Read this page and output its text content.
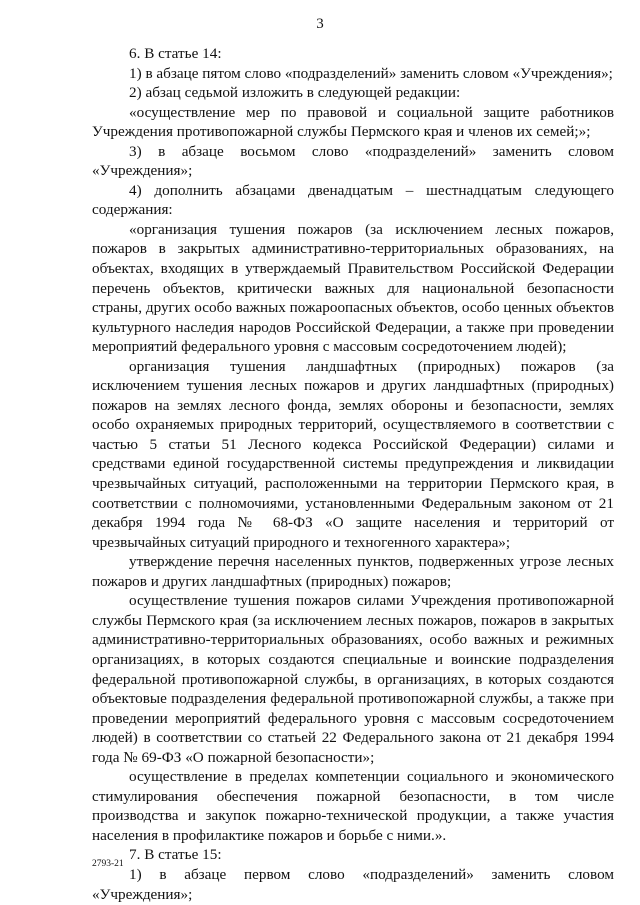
3

6. В статье 14:

1) в абзаце пятом слово «подразделений» заменить словом «Учреждения»;

2) абзац седьмой изложить в следующей редакции:

«осуществление мер по правовой и социальной защите работников Учреждения противопожарной службы Пермского края и членов их семей;»;

3) в абзаце восьмом слово «подразделений» заменить словом «Учреждения»;

4) дополнить абзацами двенадцатым – шестнадцатым следующего содержания:

«организация тушения пожаров (за исключением лесных пожаров, пожаров в закрытых административно-территориальных образованиях, на объектах, входящих в утверждаемый Правительством Российской Федерации перечень объектов, критически важных для национальной безопасности страны, других особо важных пожароопасных объектов, особо ценных объектов культурного наследия народов Российской Федерации, а также при проведении мероприятий федерального уровня с массовым сосредоточением людей);

организация тушения ландшафтных (природных) пожаров (за исключением тушения лесных пожаров и других ландшафтных (природных) пожаров на землях лесного фонда, землях обороны и безопасности, землях особо охраняемых природных территорий, осуществляемого в соответствии с частью 5 статьи 51 Лесного кодекса Российской Федерации) силами и средствами единой государственной системы предупреждения и ликвидации чрезвычайных ситуаций, расположенными на территории Пермского края, в соответствии с полномочиями, установленными Федеральным законом от 21 декабря 1994 года № 68-ФЗ «О защите населения и территорий от чрезвычайных ситуаций природного и техногенного характера»;

утверждение перечня населенных пунктов, подверженных угрозе лесных пожаров и других ландшафтных (природных) пожаров;

осуществление тушения пожаров силами Учреждения противопожарной службы Пермского края (за исключением лесных пожаров, пожаров в закрытых административно-территориальных образованиях, особо важных и режимных организациях, в которых создаются специальные и воинские подразделения федеральной противопожарной службы, в организациях, в которых создаются объектовые подразделения федеральной противопожарной службы, а также при проведении мероприятий федерального уровня с массовым сосредоточением людей) в соответствии со статьей 22 Федерального закона от 21 декабря 1994 года № 69-ФЗ «О пожарной безопасности»;

осуществление в пределах компетенции социального и экономического стимулирования обеспечения пожарной безопасности, в том числе производства и закупок пожарно-технической продукции, а также участия населения в профилактике пожаров и борьбе с ними.».

7. В статье 15:

1) в абзаце первом слово «подразделений» заменить словом «Учреждения»;

2793-21
